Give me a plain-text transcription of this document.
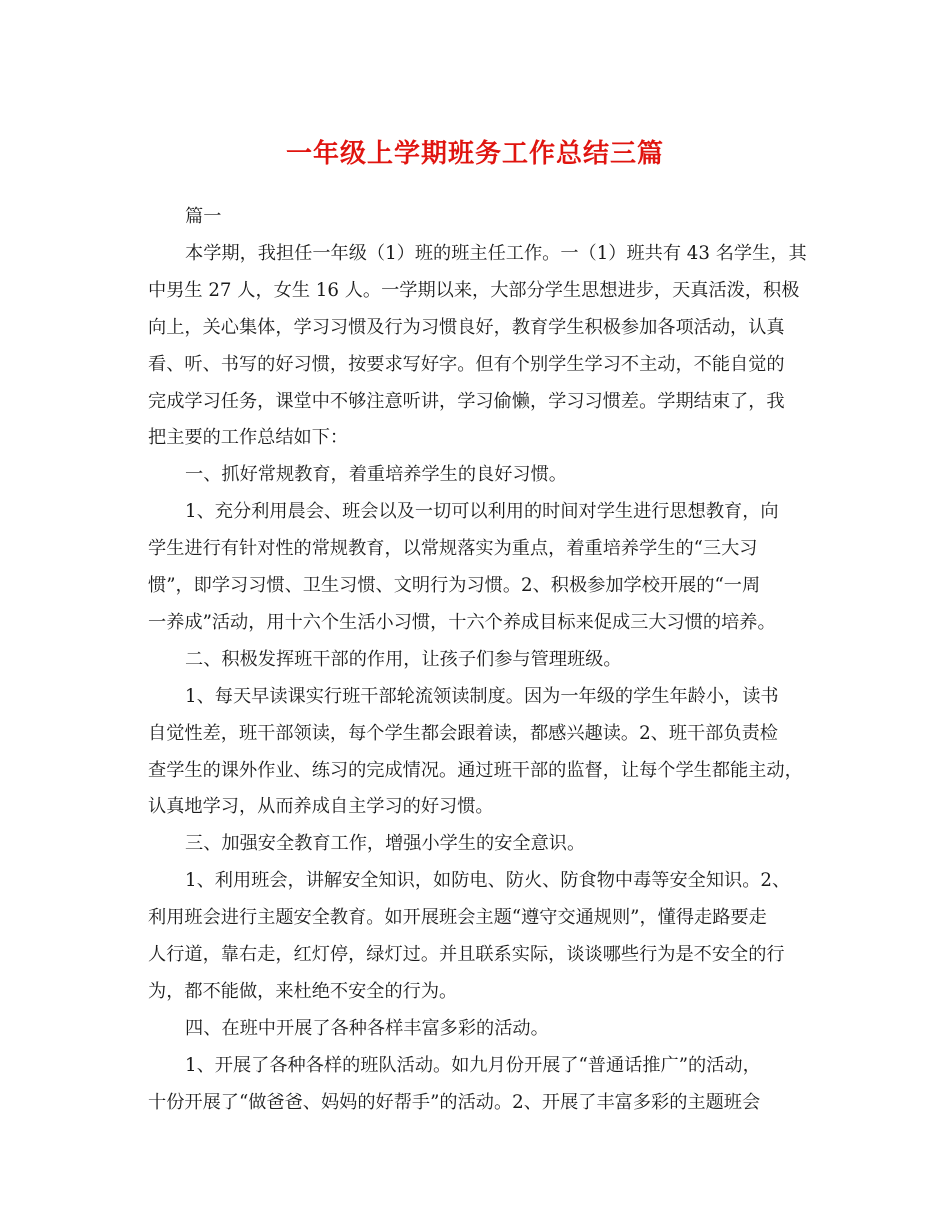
一年级上学期班务工作总结三篇
篇一
本学期，我担任一年级（1）班的班主任工作。一（1）班共有 43 名学生，其
中男生 27 人，女生 16 人。一学期以来，大部分学生思想进步，天真活泼，积极
向上，关心集体，学习习惯及行为习惯良好，教育学生积极参加各项活动，认真
看、听、书写的好习惯，按要求写好字。但有个别学生学习不主动，不能自觉的
完成学习任务，课堂中不够注意听讲，学习偷懒，学习习惯差。学期结束了，我
把主要的工作总结如下：
一、抓好常规教育，着重培养学生的良好习惯。
1、充分利用晨会、班会以及一切可以利用的时间对学生进行思想教育，向
学生进行有针对性的常规教育，以常规落实为重点，着重培养学生的“三大习
惯”，即学习习惯、卫生习惯、文明行为习惯。2、积极参加学校开展的“一周
一养成”活动，用十六个生活小习惯，十六个养成目标来促成三大习惯的培养。
二、积极发挥班干部的作用，让孩子们参与管理班级。
1、每天早读课实行班干部轮流领读制度。因为一年级的学生年龄小，读书
自觉性差，班干部领读，每个学生都会跟着读，都感兴趣读。2、班干部负责检
查学生的课外作业、练习的完成情况。通过班干部的监督，让每个学生都能主动，
认真地学习，从而养成自主学习的好习惯。
三、加强安全教育工作，增强小学生的安全意识。
1、利用班会，讲解安全知识，如防电、防火、防食物中毒等安全知识。2、
利用班会进行主题安全教育。如开展班会主题“遵守交通规则”，懂得走路要走
人行道，靠右走，红灯停，绿灯过。并且联系实际，谈谈哪些行为是不安全的行
为，都不能做，来杜绝不安全的行为。
四、在班中开展了各种各样丰富多彩的活动。
1、开展了各种各样的班队活动。如九月份开展了“普通话推广”的活动，
十份开展了“做爸爸、妈妈的好帮手”的活动。2、开展了丰富多彩的主题班会
